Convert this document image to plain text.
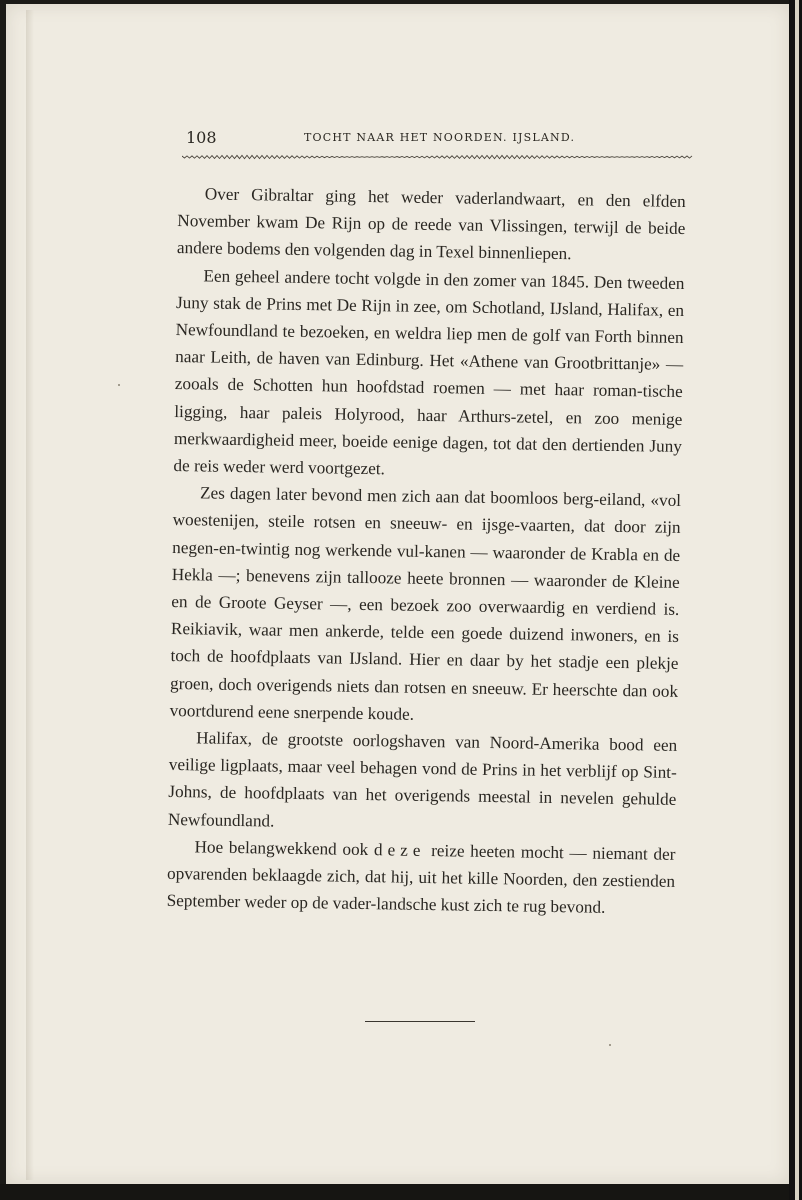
108	TOCHT NAAR HET NOORDEN. IJSLAND.

Over Gibraltar ging het weder vaderlandwaart, en den elfden November kwam De Rijn op de reede van Vlissingen, terwijl de beide andere bodems den volgenden dag in Texel binnenliepen.

Een geheel andere tocht volgde in den zomer van 1845. Den tweeden Juny stak de Prins met De Rijn in zee, om Schotland, IJsland, Halifax, en Newfoundland te bezoeken, en weldra liep men de golf van Forth binnen naar Leith, de haven van Edinburg. Het «Athene van Grootbrittanje» — zooals de Schotten hun hoofdstad roemen — met haar roman-tische ligging, haar paleis Holyrood, haar Arthurs-zetel, en zoo menige merkwaardigheid meer, boeide eenige dagen, tot dat den dertienden Juny de reis weder werd voortgezet.

Zes dagen later bevond men zich aan dat boomloos berg-eiland, «vol woestenijen, steile rotsen en sneeuw- en ijsge-vaarten, dat door zijn negen-en-twintig nog werkende vul-kanen — waaronder de Krabla en de Hekla —; benevens zijn tallooze heete bronnen — waaronder de Kleine en de Groote Geyser —, een bezoek zoo overwaardig en verdiend is. Reikiavik, waar men ankerde, telde een goede duizend inwoners, en is toch de hoofdplaats van IJsland. Hier en daar by het stadje een plekje groen, doch overigends niets dan rotsen en sneeuw. Er heerschte dan ook voortdurend eene snerpende koude.

Halifax, de grootste oorlogshaven van Noord-Amerika bood een veilige ligplaats, maar veel behagen vond de Prins in het verblijf op Sint-Johns, de hoofdplaats van het overigends meestal in nevelen gehulde Newfoundland.

Hoe belangwekkend ook deze reize heeten mocht — niemant der opvarenden beklaagde zich, dat hij, uit het kille Noorden, den zestienden September weder op de vader-landsche kust zich te rug bevond.
